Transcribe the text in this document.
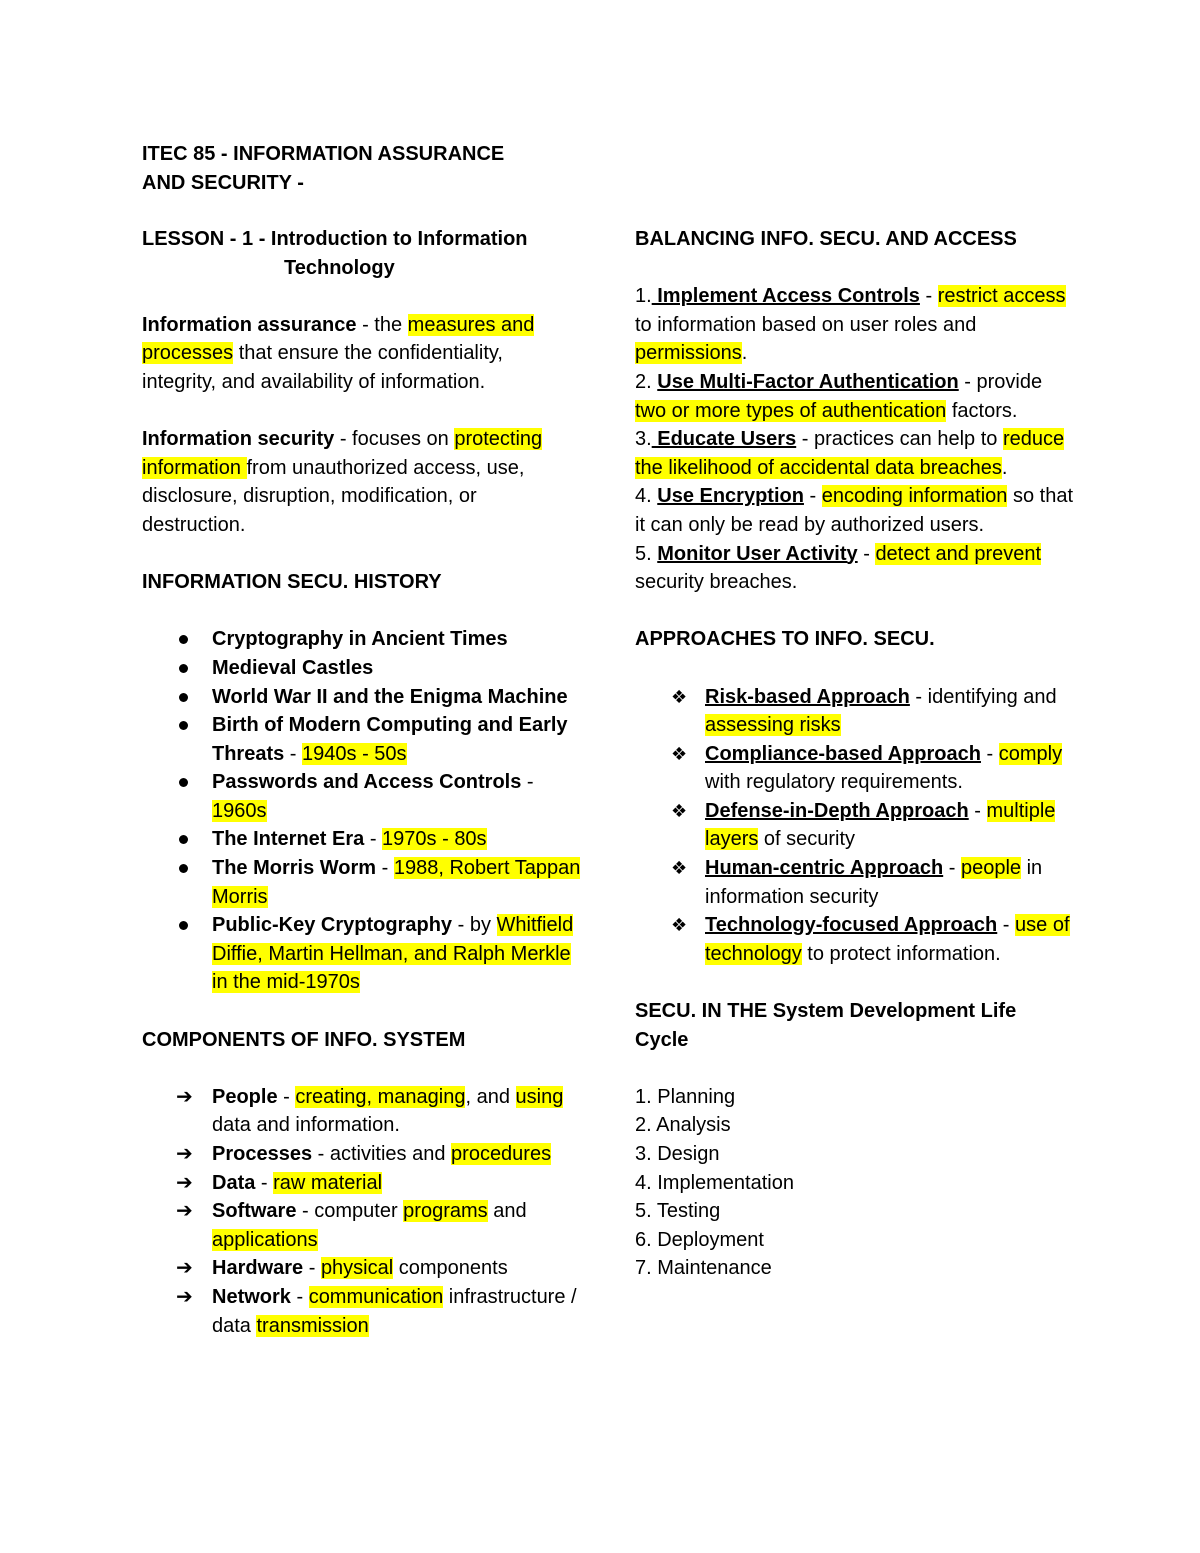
ITEC 85 - INFORMATION ASSURANCE
AND SECURITY -
LESSON - 1 - Introduction to Information
Technology
Information assurance - the measures and processes that ensure the confidentiality, integrity, and availability of information.
Information security - focuses on protecting information from unauthorized access, use, disclosure, disruption, modification, or destruction.
INFORMATION SECU. HISTORY
Cryptography in Ancient Times
Medieval Castles
World War II and the Enigma Machine
Birth of Modern Computing and Early Threats - 1940s - 50s
Passwords and Access Controls - 1960s
The Internet Era - 1970s - 80s
The Morris Worm - 1988, Robert Tappan Morris
Public-Key Cryptography - by Whitfield Diffie, Martin Hellman, and Ralph Merkle in the mid-1970s
COMPONENTS OF INFO. SYSTEM
➔ People - creating, managing, and using data and information.
➔ Processes - activities and procedures
➔ Data - raw material
➔ Software - computer programs and applications
➔ Hardware - physical components
➔ Network - communication infrastructure / data transmission
BALANCING INFO. SECU. AND ACCESS
1. Implement Access Controls - restrict access to information based on user roles and permissions.
2. Use Multi-Factor Authentication - provide two or more types of authentication factors.
3. Educate Users - practices can help to reduce the likelihood of accidental data breaches.
4. Use Encryption - encoding information so that it can only be read by authorized users.
5. Monitor User Activity - detect and prevent security breaches.
APPROACHES TO INFO. SECU.
❖ Risk-based Approach - identifying and assessing risks
❖ Compliance-based Approach - comply with regulatory requirements.
❖ Defense-in-Depth Approach - multiple layers of security
❖ Human-centric Approach - people in information security
❖ Technology-focused Approach - use of technology to protect information.
SECU. IN THE System Development Life Cycle
1. Planning
2. Analysis
3. Design
4. Implementation
5. Testing
6. Deployment
7. Maintenance
